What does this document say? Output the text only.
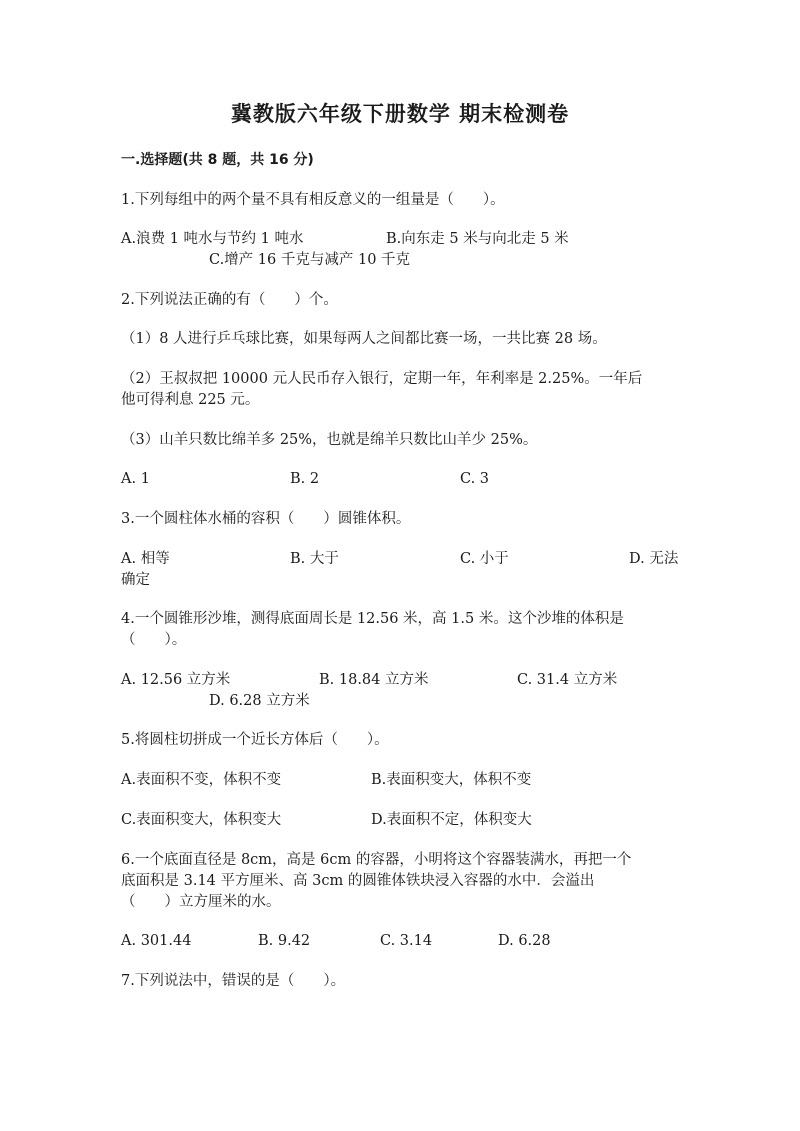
冀教版六年级下册数学 期末检测卷
一.选择题(共 8 题，共 16 分)
1.下列每组中的两个量不具有相反意义的一组量是（　　）。
A.浪费 1 吨水与节约 1 吨水	B.向东走 5 米与向北走 5 米
C.增产 16 千克与减产 10 千克
2.下列说法正确的有（　　）个。
（1）8 人进行乒乓球比赛，如果每两人之间都比赛一场，一共比赛 28 场。
（2）王叔叔把 10000 元人民币存入银行，定期一年，年利率是 2.25%。一年后
他可得利息 225 元。
（3）山羊只数比绵羊多 25%，也就是绵羊只数比山羊少 25%。
A. 1	B. 2	C. 3
3.一个圆柱体水桶的容积（　　）圆锥体积。
A. 相等	B. 大于	C. 小于	D. 无法
确定
4.一个圆锥形沙堆，测得底面周长是 12.56 米，高 1.5 米。这个沙堆的体积是
（　　）。
A. 12.56 立方米	B. 18.84 立方米	C. 31.4 立方米
D. 6.28 立方米
5.将圆柱切拼成一个近长方体后（　　）。
A.表面积不变，体积不变	B.表面积变大，体积不变
C.表面积变大，体积变大	D.表面积不定，体积变大
6.一个底面直径是 8cm，高是 6cm 的容器，小明将这个容器装满水，再把一个
底面积是 3.14 平方厘米、高 3cm 的圆锥体铁块浸入容器的水中．会溢出
（　　）立方厘米的水。
A. 301.44	B. 9.42	C. 3.14	D. 6.28
7.下列说法中，错误的是（　　）。
